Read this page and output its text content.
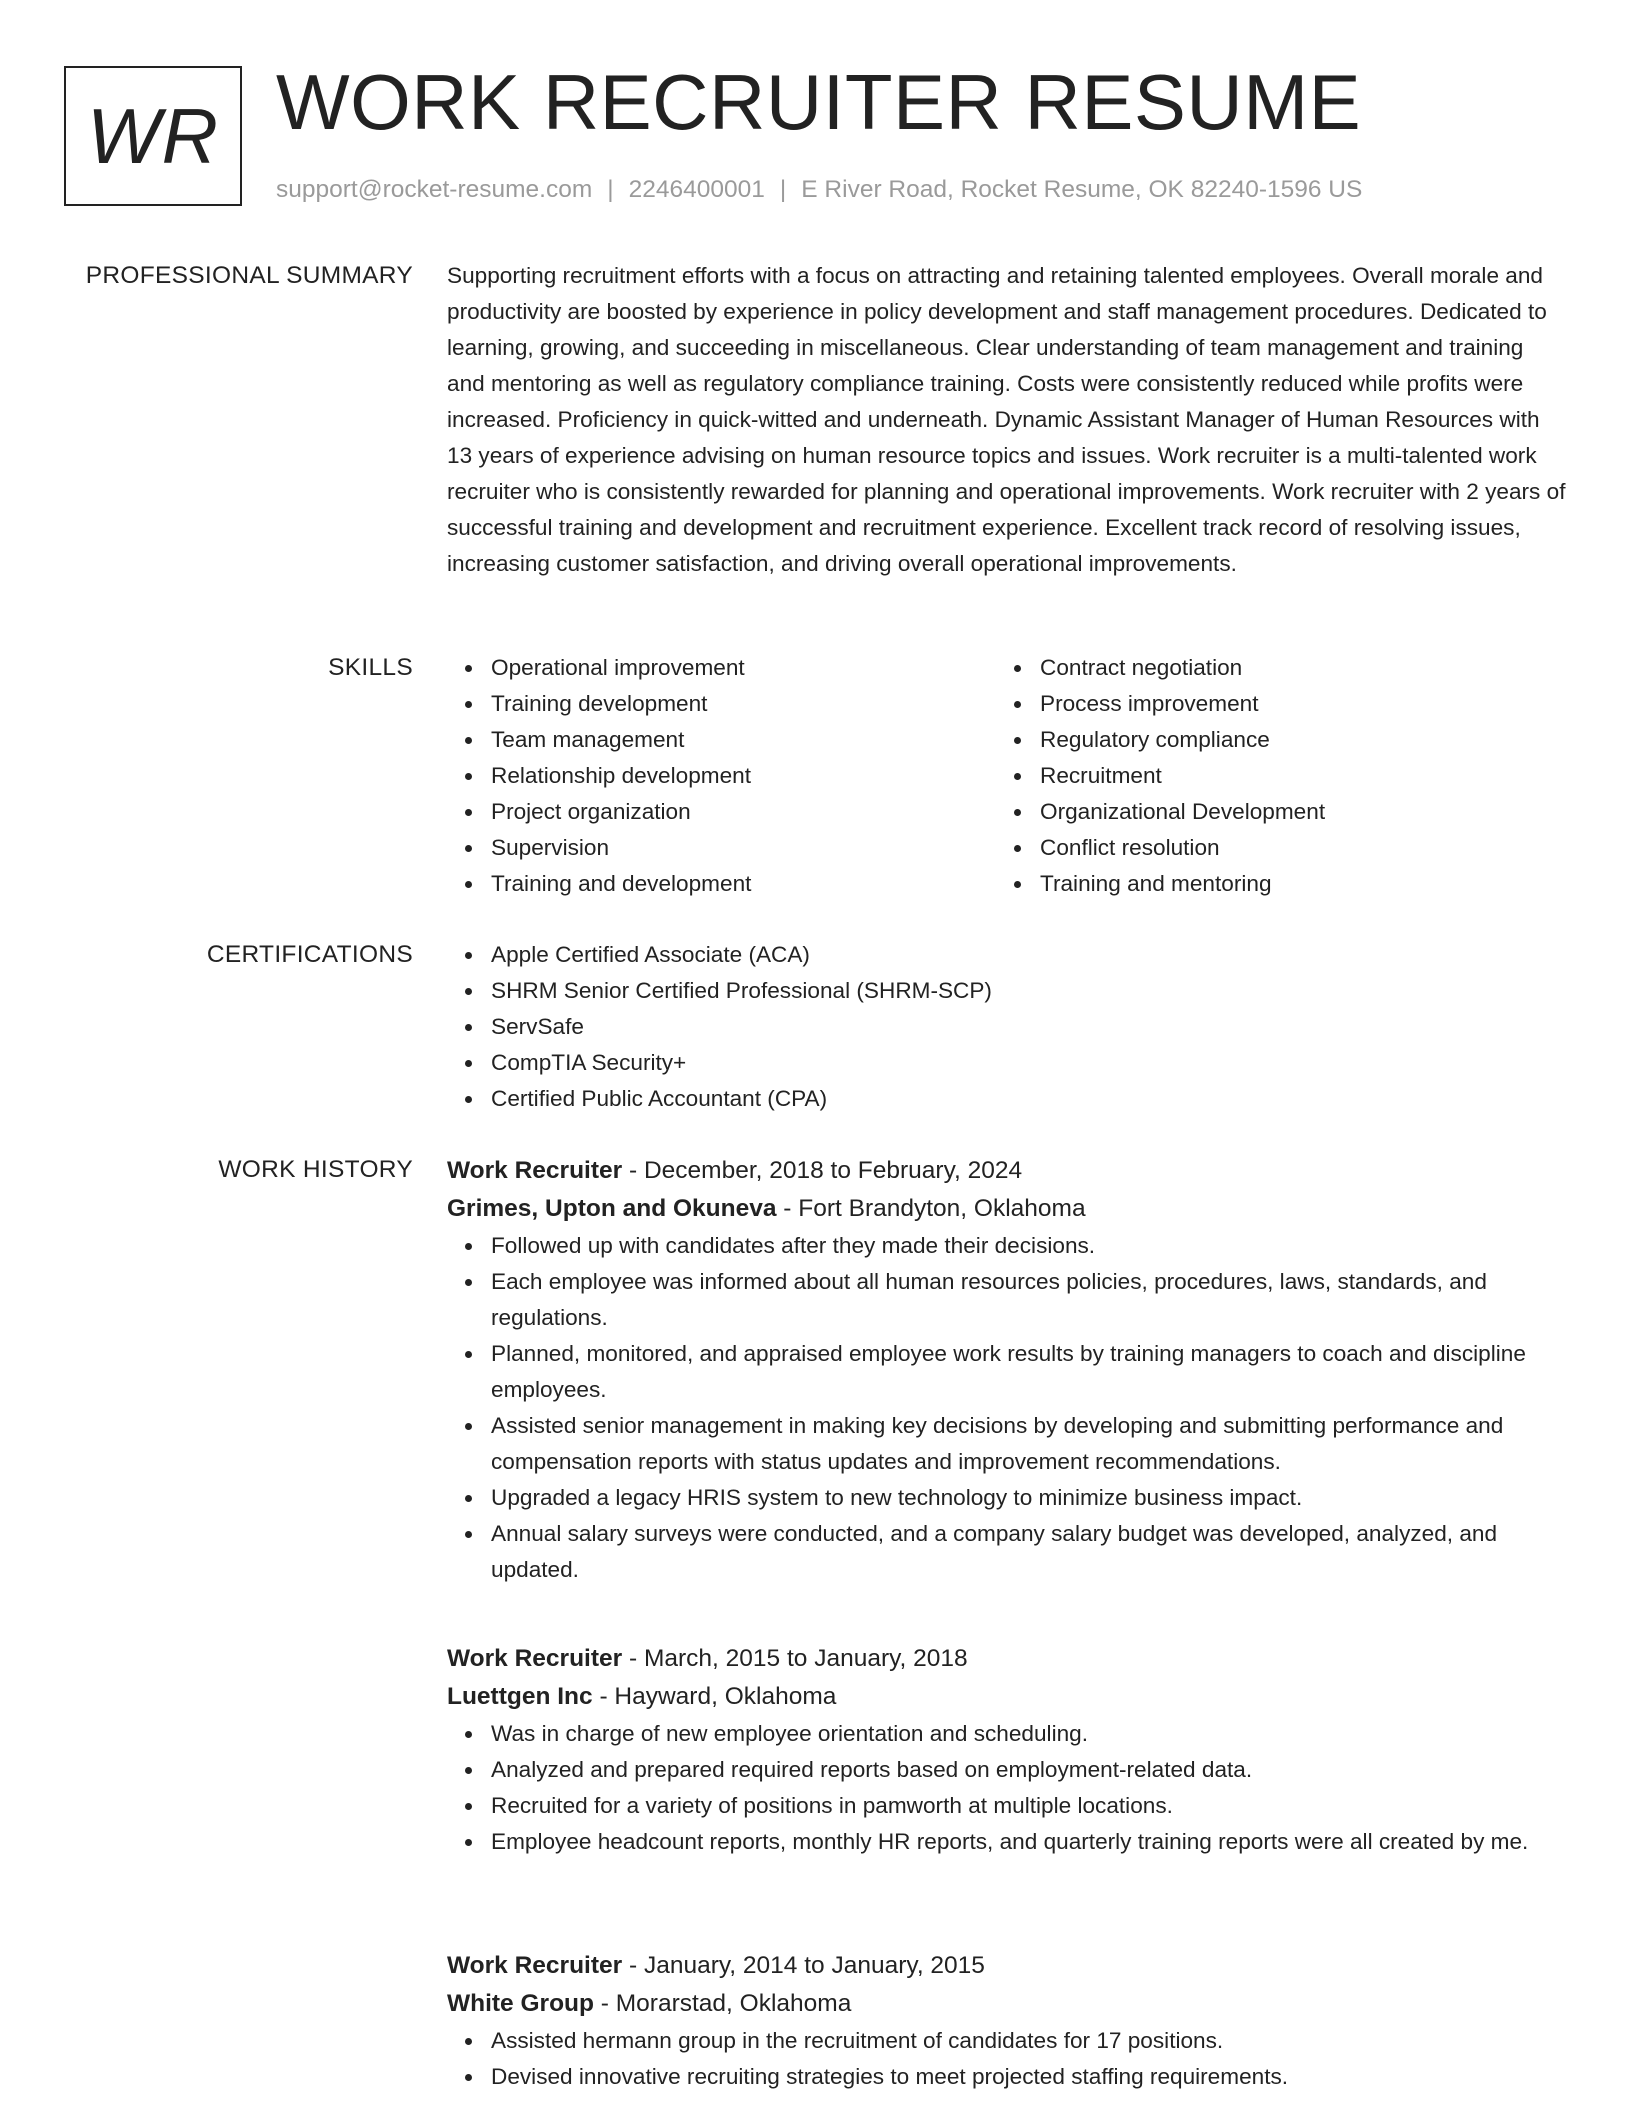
WR WORK RECRUITER RESUME
support@rocket-resume.com | 2246400001 | E River Road, Rocket Resume, OK 82240-1596 US
PROFESSIONAL SUMMARY Supporting recruitment efforts with a focus on attracting and retaining talented employees. Overall morale and productivity are boosted by experience in policy development and staff management procedures. Dedicated to learning, growing, and succeeding in miscellaneous. Clear understanding of team management and training and mentoring as well as regulatory compliance training. Costs were consistently reduced while profits were increased. Proficiency in quick-witted and underneath. Dynamic Assistant Manager of Human Resources with 13 years of experience advising on human resource topics and issues. Work recruiter is a multi-talented work recruiter who is consistently rewarded for planning and operational improvements. Work recruiter with 2 years of successful training and development and recruitment experience. Excellent track record of resolving issues, increasing customer satisfaction, and driving overall operational improvements.

SKILLS	Operational improvement
Training development
Team management
Relationship development
Project organization
Supervision
Training and development
Contract negotiation
Process improvement
Regulatory compliance
Recruitment
Organizational Development
Conflict resolution
Training and mentoring
CERTIFICATIONS	Apple Certified Associate (ACA)
SHRM Senior Certified Professional (SHRM-SCP)
ServSafe
CompTIA Security+
Certified Public Accountant (CPA)
WORK HISTORY Work Recruiter - December, 2018 to February, 2024
Grimes, Upton and Okuneva - Fort Brandyton, Oklahoma
Followed up with candidates after they made their decisions.
Each employee was informed about all human resources policies, procedures, laws, standards, and regulations.
Planned, monitored, and appraised employee work results by training managers to coach and discipline employees.
Assisted senior management in making key decisions by developing and submitting performance and compensation reports with status updates and improvement recommendations.
Upgraded a legacy HRIS system to new technology to minimize business impact.
Annual salary surveys were conducted, and a company salary budget was developed, analyzed, and updated.
Work Recruiter - March, 2015 to January, 2018
Luettgen Inc - Hayward, Oklahoma
Was in charge of new employee orientation and scheduling.
Analyzed and prepared required reports based on employment-related data.
Recruited for a variety of positions in pamworth at multiple locations.
Employee headcount reports, monthly HR reports, and quarterly training reports were all created by me.
Work Recruiter - January, 2014 to January, 2015
White Group - Morarstad, Oklahoma
Assisted hermann group in the recruitment of candidates for 17 positions.
Devised innovative recruiting strategies to meet projected staffing requirements.
